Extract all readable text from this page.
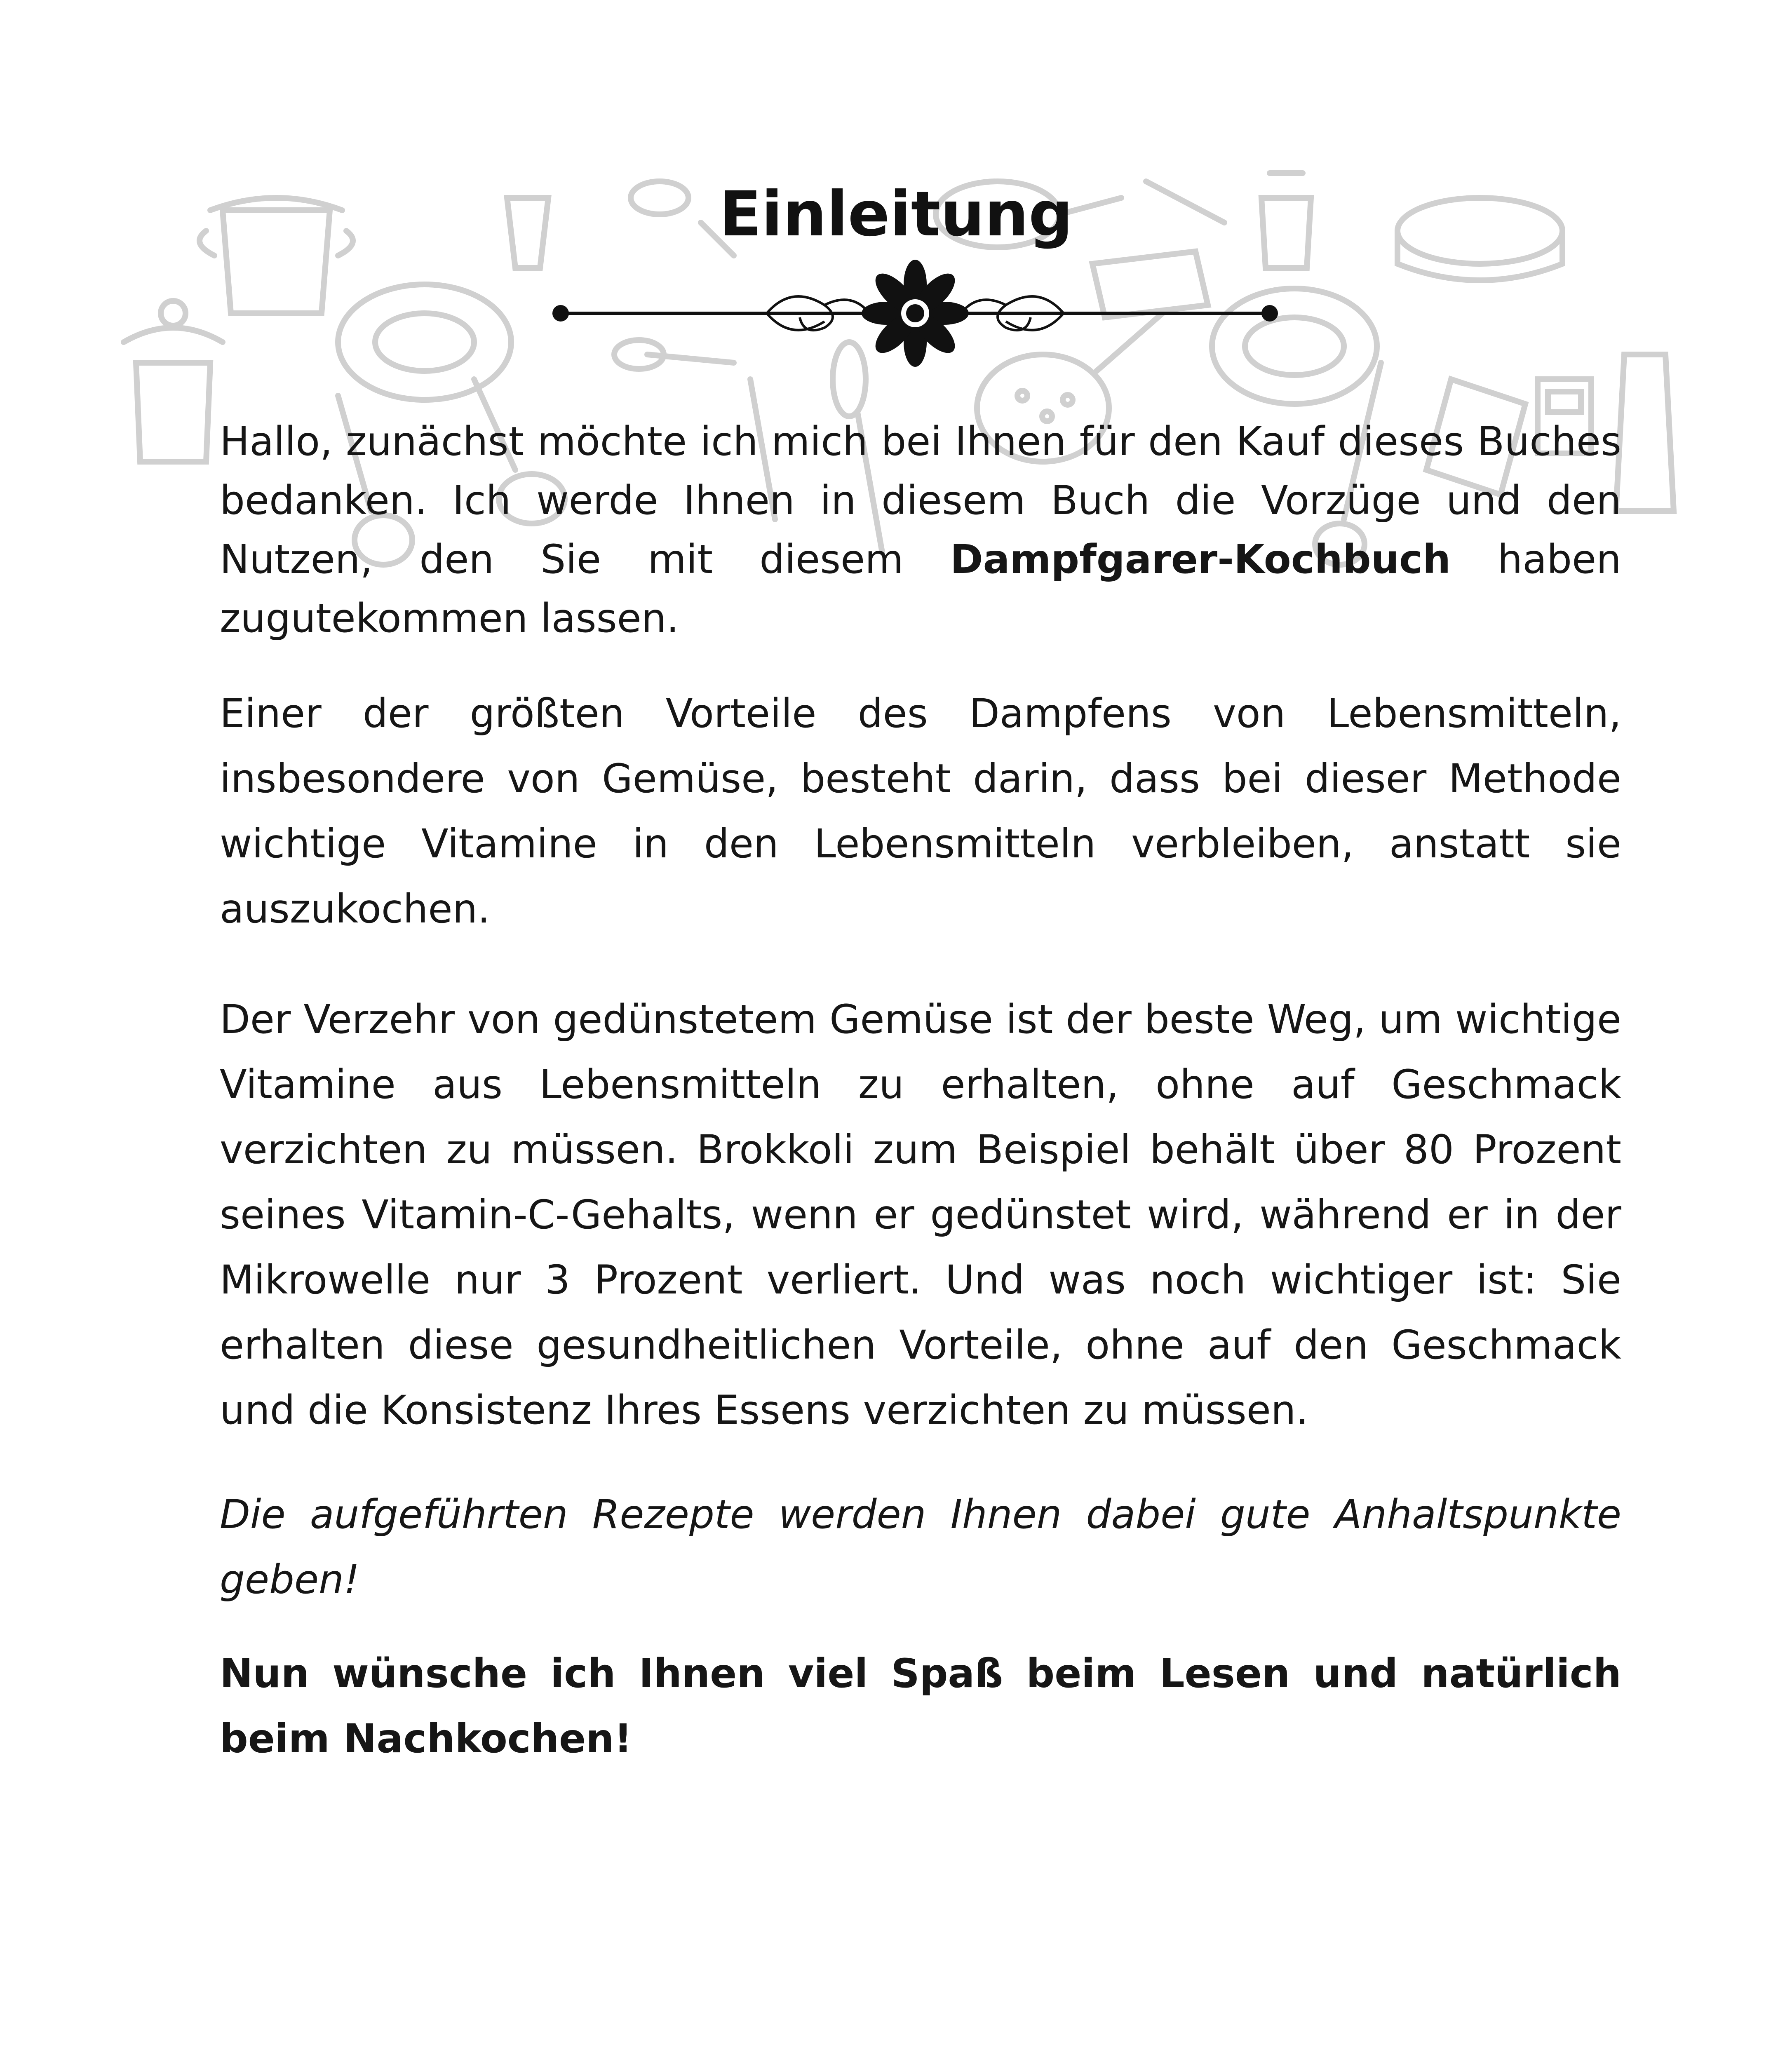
Einleitung

Hallo, zunächst möchte ich mich bei Ihnen für den Kauf dieses Buches bedanken. Ich werde Ihnen in diesem Buch die Vorzüge und den Nutzen, den Sie mit diesem Dampfgarer-Kochbuch haben zugutekommen lassen.

Einer der größten Vorteile des Dampfens von Lebensmitteln, insbesondere von Gemüse, besteht darin, dass bei dieser Methode wichtige Vitamine in den Lebensmitteln verbleiben, anstatt sie auszukochen.

Der Verzehr von gedünstetem Gemüse ist der beste Weg, um wichtige Vitamine aus Lebensmitteln zu erhalten, ohne auf Geschmack verzichten zu müssen. Brokkoli zum Beispiel behält über 80 Prozent seines Vitamin-C-Gehalts, wenn er gedünstet wird, während er in der Mikrowelle nur 3 Prozent verliert. Und was noch wichtiger ist: Sie erhalten diese gesundheitlichen Vorteile, ohne auf den Geschmack und die Konsistenz Ihres Essens verzichten zu müssen.

Die aufgeführten Rezepte werden Ihnen dabei gute Anhaltspunkte geben!

Nun wünsche ich Ihnen viel Spaß beim Lesen und natürlich beim Nachkochen!
